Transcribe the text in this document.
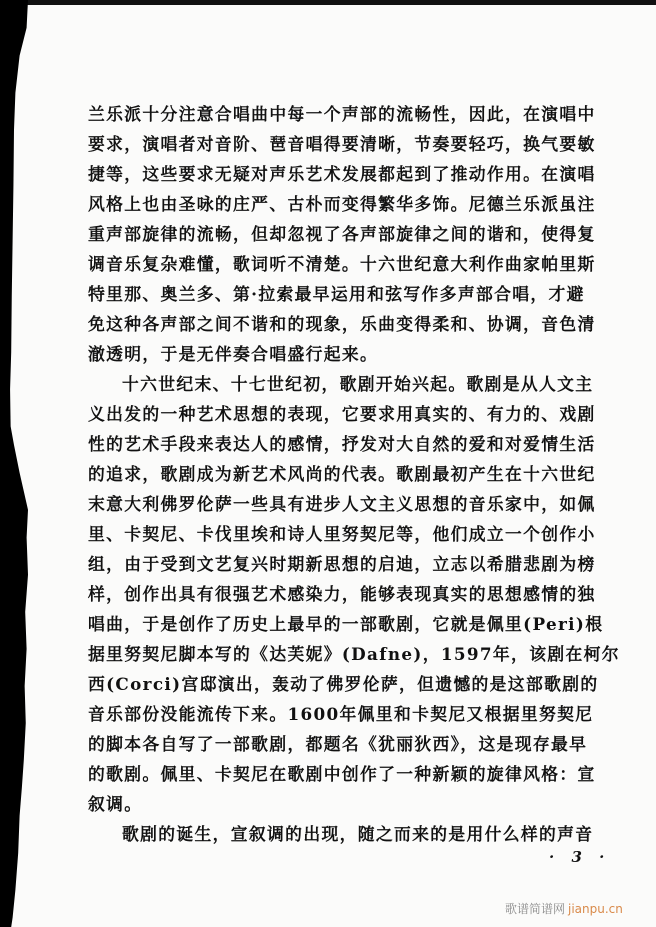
兰乐派十分注意合唱曲中每一个声部的流畅性，因此，在演唱中
要求，演唱者对音阶、琶音唱得要清晰，节奏要轻巧，换气要敏
捷等，这些要求无疑对声乐艺术发展都起到了推动作用。在演唱
风格上也由圣咏的庄严、古朴而变得繁华多饰。尼德兰乐派虽注
重声部旋律的流畅，但却忽视了各声部旋律之间的谐和，使得复
调音乐复杂难懂，歌词听不清楚。十六世纪意大利作曲家帕里斯
特里那、奥兰多、第·拉索最早运用和弦写作多声部合唱，才避
免这种各声部之间不谐和的现象，乐曲变得柔和、协调，音色清
澈透明，于是无伴奏合唱盛行起来。
十六世纪末、十七世纪初，歌剧开始兴起。歌剧是从人文主
义出发的一种艺术思想的表现，它要求用真实的、有力的、戏剧
性的艺术手段来表达人的感情，抒发对大自然的爱和对爱情生活
的追求，歌剧成为新艺术风尚的代表。歌剧最初产生在十六世纪
末意大利佛罗伦萨一些具有进步人文主义思想的音乐家中，如佩
里、卡契尼、卡伐里埃和诗人里努契尼等，他们成立一个创作小
组，由于受到文艺复兴时期新思想的启迪，立志以希腊悲剧为榜
样，创作出具有很强艺术感染力，能够表现真实的思想感情的独
唱曲，于是创作了历史上最早的一部歌剧，它就是佩里(Peri)根
据里努契尼脚本写的《达芙妮》(Dafne)，1597年，该剧在柯尔
西(Corci)宫邸演出，轰动了佛罗伦萨，但遗憾的是这部歌剧的
音乐部份没能流传下来。1600年佩里和卡契尼又根据里努契尼
的脚本各自写了一部歌剧，都题名《犹丽狄西》，这是现存最早
的歌剧。佩里、卡契尼在歌剧中创作了一种新颖的旋律风格：宣
叙调。
歌剧的诞生，宣叙调的出现，随之而来的是用什么样的声音
· 3 ·
歌谱简谱网 jianpu.cn
